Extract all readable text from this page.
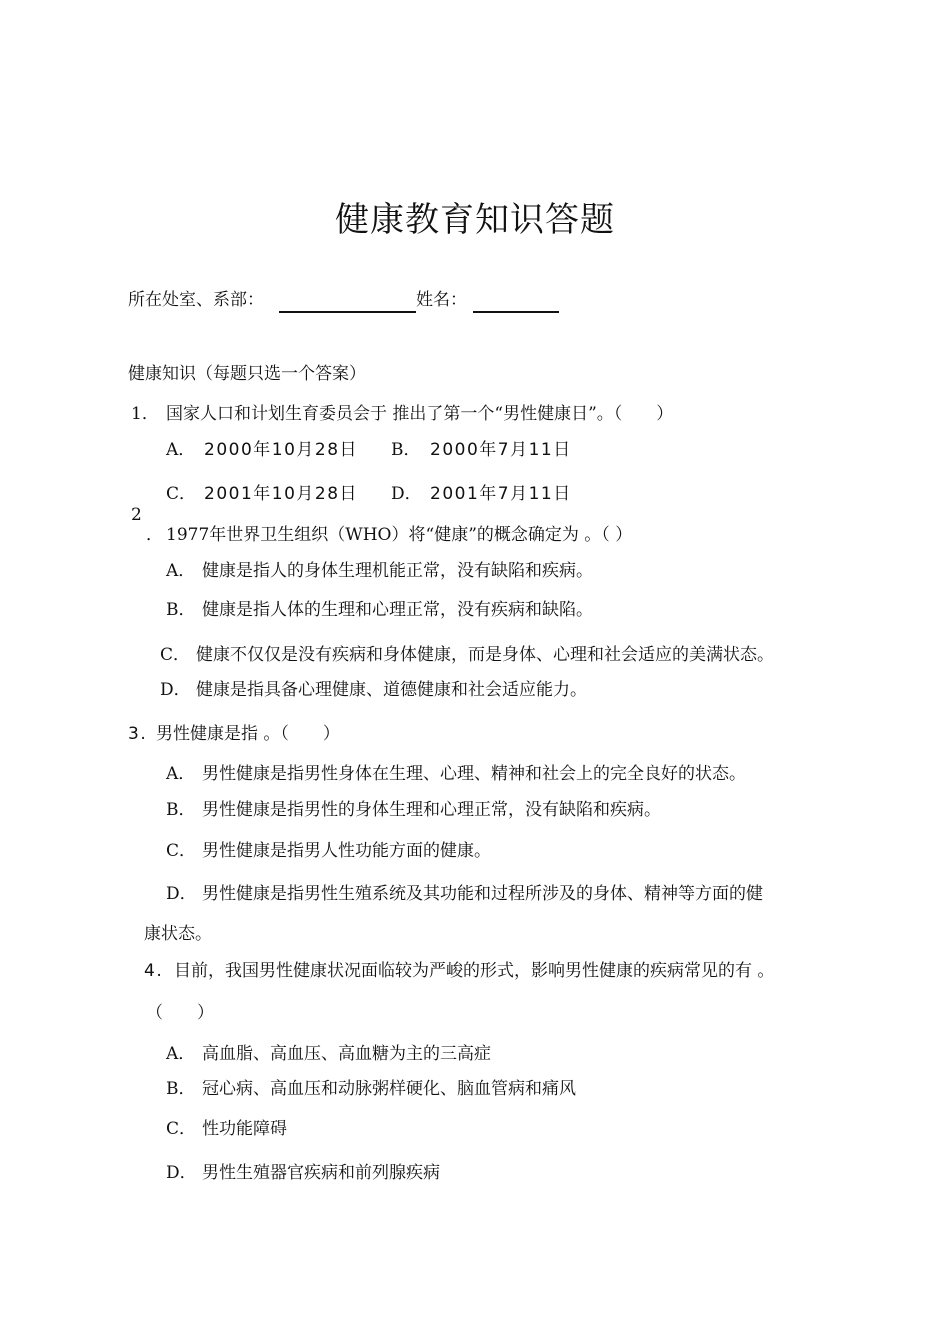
健康教育知识答题
所在处室、系部：	姓名：
健康知识（每题只选一个答案）
1． 国家人口和计划生育委员会于 推出了第一个“男性健康日”。（　　）
A． 2000年10月28日 B． 2000年7月11日
C． 2001年10月28日 D． 2001年7月11日
2
． 1977年世界卫生组织（WHO）将“健康”的概念确定为 。（ ）
A． 健康是指人的身体生理机能正常，没有缺陷和疾病。
B． 健康是指人体的生理和心理正常，没有疾病和缺陷。
C． 健康不仅仅是没有疾病和身体健康，而是身体、心理和社会适应的美满状态。
D． 健康是指具备心理健康、道德健康和社会适应能力。
3. 男性健康是指 。（　　）
A． 男性健康是指男性身体在生理、心理、精神和社会上的完全良好的状态。
B． 男性健康是指男性的身体生理和心理正常，没有缺陷和疾病。
C． 男性健康是指男人性功能方面的健康。
D． 男性健康是指男性生殖系统及其功能和过程所涉及的身体、精神等方面的健
康状态。
4. 目前，我国男性健康状况面临较为严峻的形式，影响男性健康的疾病常见的有 。
（　　）
A． 高血脂、高血压、高血糖为主的三高症
B． 冠心病、高血压和动脉粥样硬化、脑血管病和痛风
C． 性功能障碍
D． 男性生殖器官疾病和前列腺疾病
